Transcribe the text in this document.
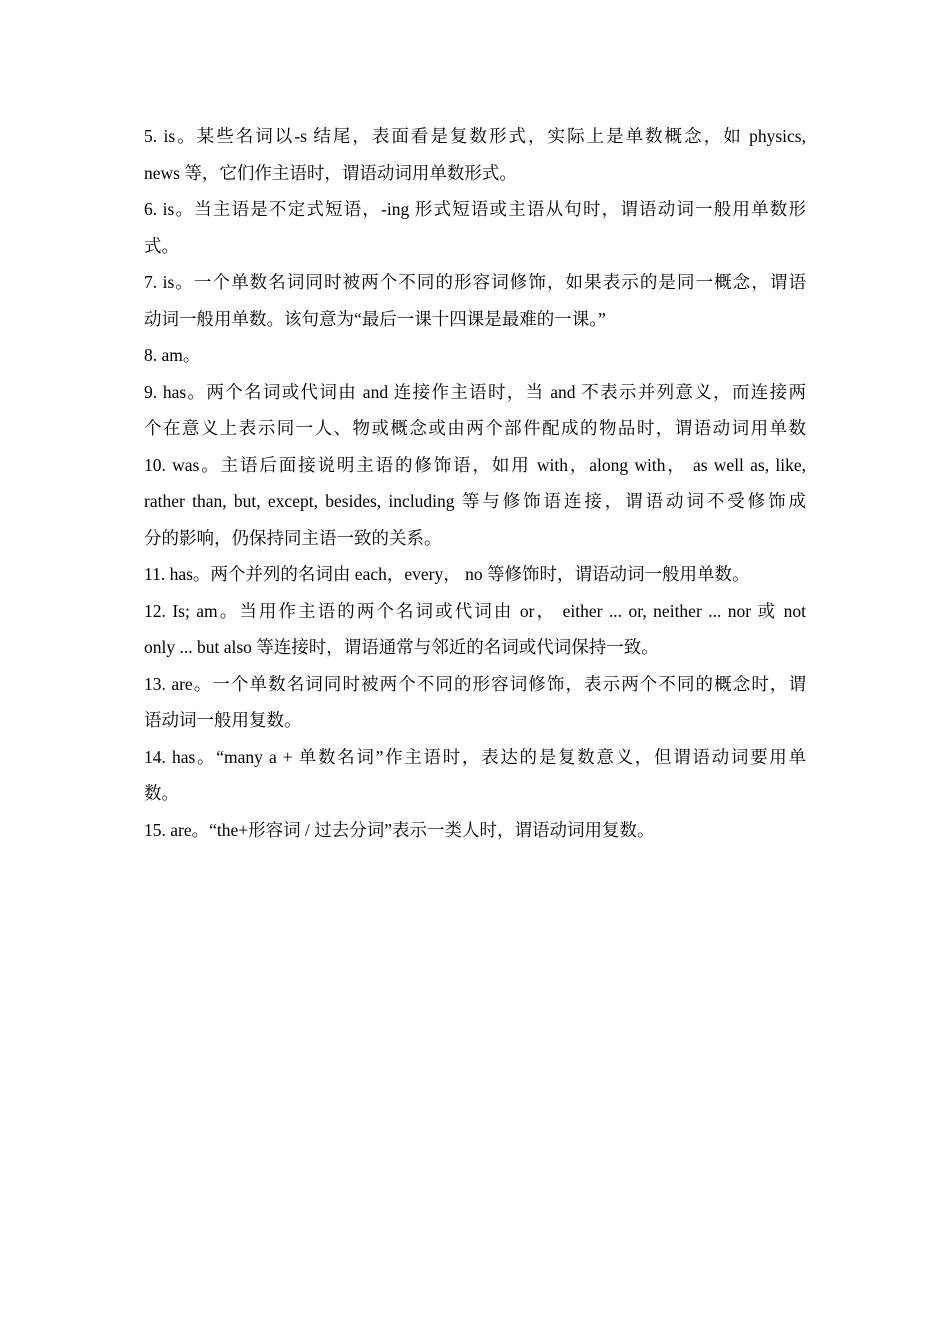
5. is。某些名词以-s 结尾，表面看是复数形式，实际上是单数概念，如 physics,
news 等，它们作主语时，谓语动词用单数形式。
6. is。当主语是不定式短语，-ing 形式短语或主语从句时，谓语动词一般用单数形
式。
7. is。一个单数名词同时被两个不同的形容词修饰，如果表示的是同一概念，谓语
动词一般用单数。该句意为“最后一课十四课是最难的一课。”
8. am。
9. has。两个名词或代词由 and 连接作主语时，当 and 不表示并列意义，而连接两
个在意义上表示同一人、物或概念或由两个部件配成的物品时，谓语动词用单数
10. was。主语后面接说明主语的修饰语，如用 with，along with， as well as, like,
rather than, but, except, besides, including 等与修饰语连接，谓语动词不受修饰成
分的影响，仍保持同主语一致的关系。
11. has。两个并列的名词由 each，every， no 等修饰时，谓语动词一般用单数。
12. Is; am。当用作主语的两个名词或代词由 or， either ... or, neither ... nor 或 not
only ... but also 等连接时，谓语通常与邻近的名词或代词保持一致。
13. are。一个单数名词同时被两个不同的形容词修饰，表示两个不同的概念时，谓
语动词一般用复数。
14. has。“many a + 单数名词”作主语时，表达的是复数意义，但谓语动词要用单
数。
15. are。“the+形容词 / 过去分词”表示一类人时，谓语动词用复数。
